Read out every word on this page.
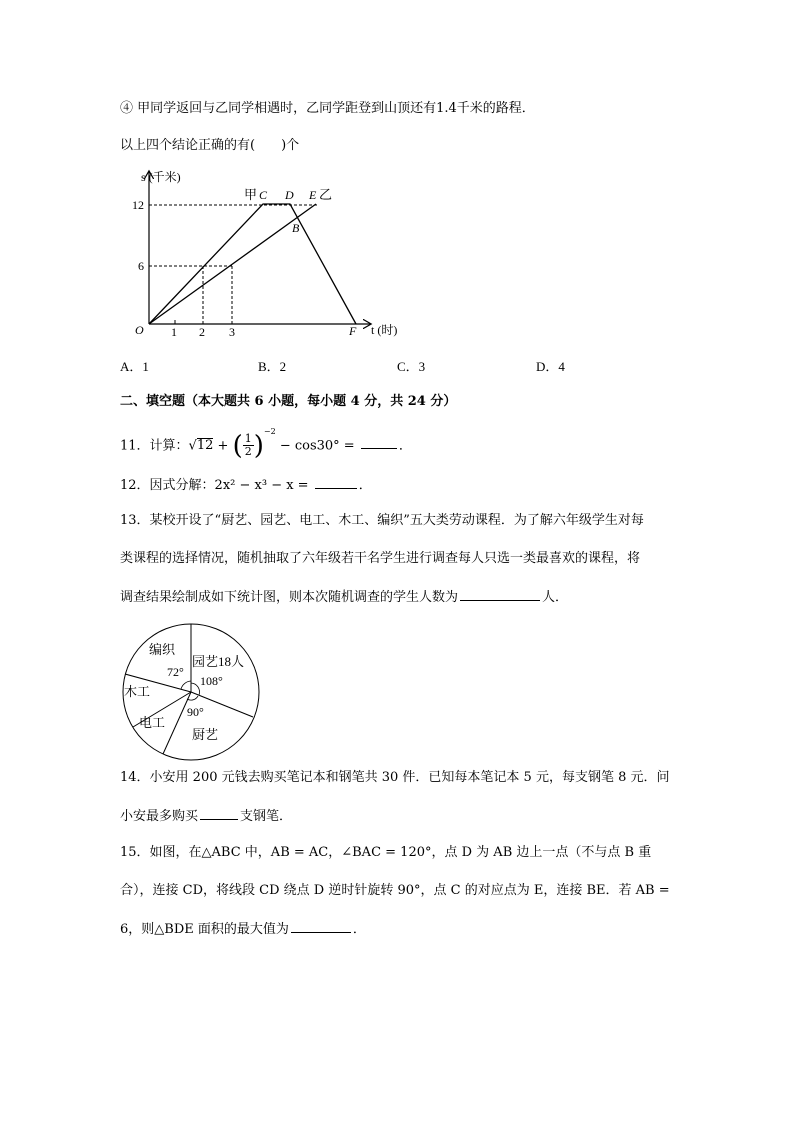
④ 甲同学返回与乙同学相遇时，乙同学距登到山顶还有1.4千米的路程．
以上四个结论正确的有(　　)个
s (千米)
t (时)
O
12
6
1 2 3
甲 C D E 乙
B
F
A．1	B．2	C．3	D．4
二、填空题（本大题共 6 小题，每小题 4 分，共 24 分）
11．计算：√12 + ( $\frac{1}{2} )^{-2} - \cos 30^\circ$ =	．
12．因式分解：2x² − x³ − x =	．
13．某校开设了“厨艺、园艺、电工、木工、编织”五大类劳动课程．为了解六年级学生对每
类课程的选择情况，随机抽取了六年级若干名学生进行调查每人只选一类最喜欢的课程，将
调查结果绘制成如下统计图，则本次随机调查的学生人数为	人．
编织
园艺18人
木工
电工
厨艺
72°
108°
90°
14．小安用 200 元钱去购买笔记本和钢笔共 30 件．已知每本笔记本 5 元，每支钢笔 8 元．问
小安最多购买	支钢笔．
15．如图，在△ABC 中，AB = AC，∠BAC = 120°，点 D 为 AB 边上一点（不与点 B 重
合），连接 CD，将线段 CD 绕点 D 逆时针旋转 90°，点 C 的对应点为 E，连接 BE．若 AB =
6，则△BDE 面积的最大值为	．
